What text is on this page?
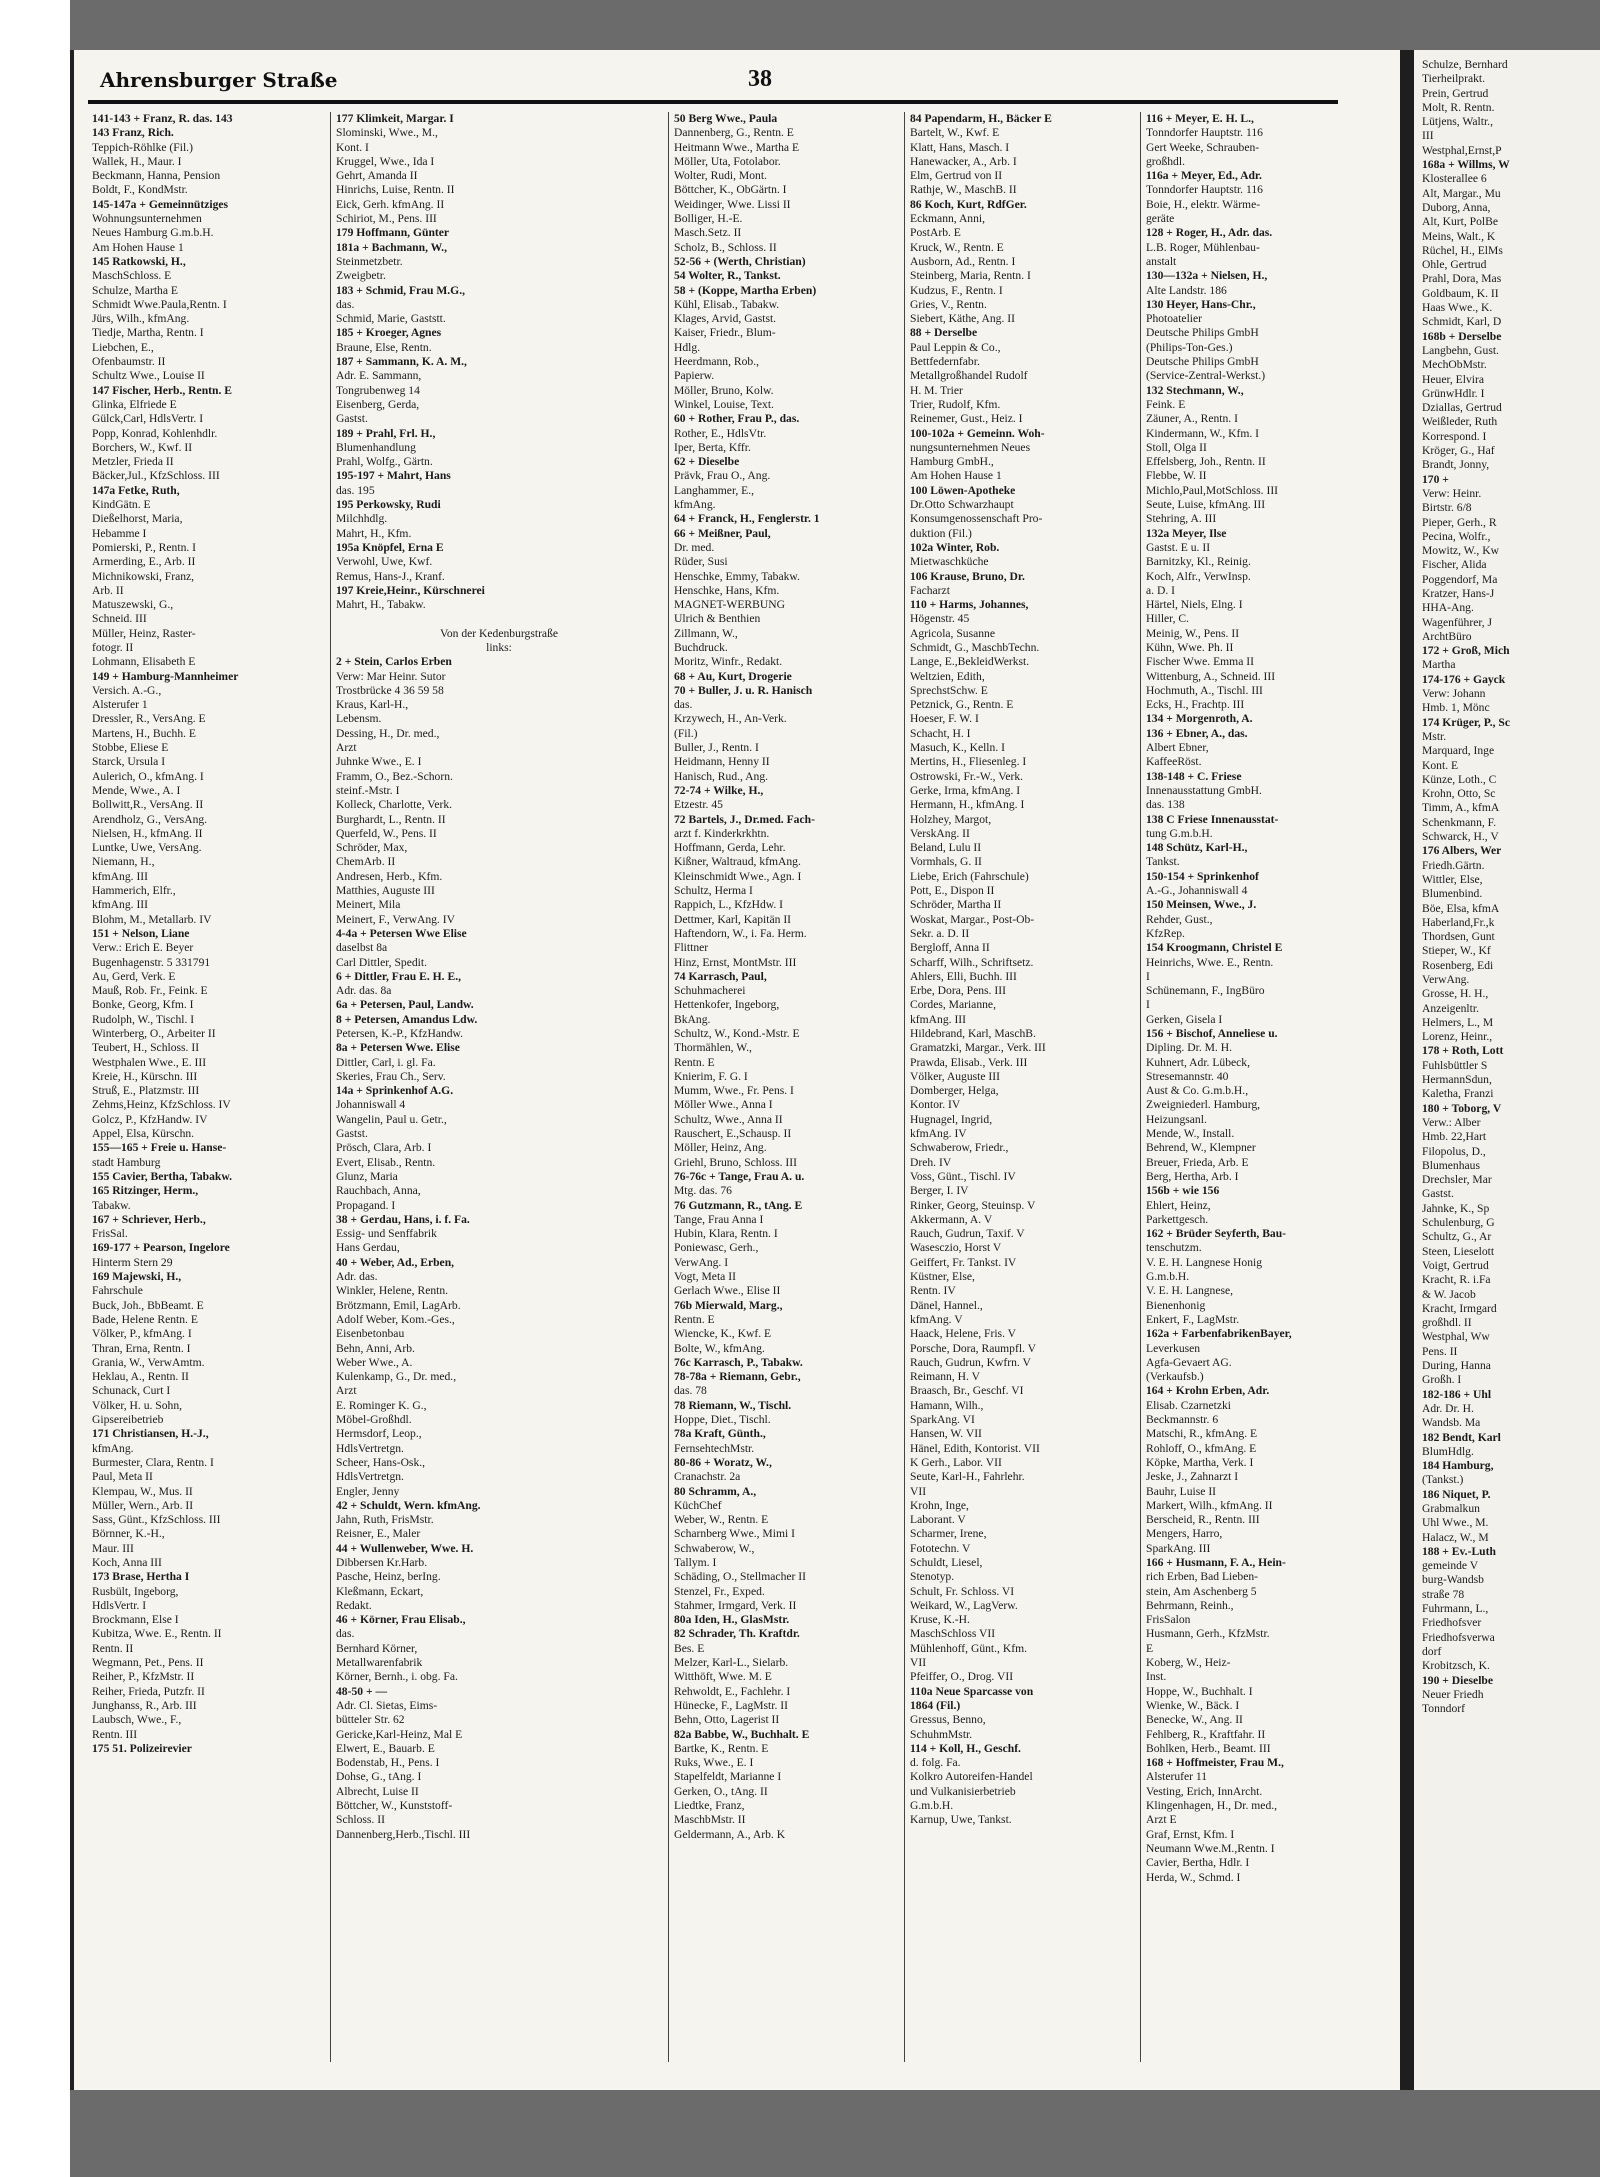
Schulze, Bernhard
Tierheilprakt.
Prein, Gertrud
Molt, R. Rentn.
Lütjens, Waltr.,
III
Westphal,Ernst,P
168a + Willms, W
Klosterallee 6
Alt, Margar., Mu
Duborg, Anna,
Alt, Kurt, PolBe
Meins, Walt., K
Rüchel, H., ElMs
Ohle, Gertrud
Prahl, Dora, Mas
Goldbaum, K. II
Haas Wwe., K.
Schmidt, Karl, D
168b + Derselbe
Langbehn, Gust.
MechObMstr.
Heuer, Elvira
GrünwHdlr. I
Dziallas, Gertrud
Weißleder, Ruth
Korrespond. I
Kröger, G., Haf
Brandt, Jonny,
170 +
Verw: Heinr.
Birtstr. 6/8
Pieper, Gerh., R
Pecina, Wolfr.,
Mowitz, W., Kw
Fischer, Alida
Poggendorf, Ma
Kratzer, Hans-J
HHA-Ang.
Wagenführer, J
ArchtBüro
172 + Groß, Mich
Martha
174-176 + Gayck
Verw: Johann
Hmb. 1, Mönc
174 Krüger, P., Sc
Mstr.
Marquard, Inge
Kont. E
Künze, Loth., C
Krohn, Otto, Sc
Timm, A., kfmA
Schenkmann, F.
Schwarck, H., V
176 Albers, Wer
Friedh.Gärtn.
Wittler, Else,
Blumenbind.
Böe, Elsa, kfmA
Haberland,Fr.,k
Thordsen, Gunt
Stieper, W., Kf
Rosenberg, Edi
VerwAng.
Grosse, H. H.,
Anzeigenltr.
Helmers, L., M
Lorenz, Heinr.,
178 + Roth, Lott
Fuhlsbüttler S
HermannSdun,
Kaletha, Franzi
180 + Toborg, V
Verw.: Alber
Hmb. 22,Hart
Filopolus, D.,
Blumenhaus
Drechsler, Mar
Gastst.
Jahnke, K., Sp
Schulenburg, G
Schultz, G., Ar
Steen, Lieselott
Voigt, Gertrud
Kracht, R. i.Fa
& W. Jacob
Kracht, Irmgard
großhdl. II
Westphal, Ww
Pens. II
During, Hanna
Großh. I
182-186 + Uhl
Adr. Dr. H.
Wandsb. Ma
182 Bendt, Karl
BlumHdlg.
184 Hamburg,
(Tankst.)
186 Niquet, P.
Grabmalkun
Uhl Wwe., M.
Halacz, W., M
188 + Ev.-Luth
gemeinde V
burg-Wandsb
straße 78
Fuhrmann, L.,
Friedhofsver
Friedhofsverwa
dorf
Krobitzsch, K.
190 + Dieselbe
Neuer Friedh
Tonndorf
Ahrensburger Straße	38
141-143 + Franz, R. das. 143
143 Franz, Rich.
Teppich-Röhlke (Fil.)
Wallek, H., Maur. I
Beckmann, Hanna, Pension
Boldt, F., KondMstr.
145-147a + Gemeinnütziges
Wohnungsunternehmen
Neues Hamburg G.m.b.H.
Am Hohen Hause 1
145 Ratkowski, H.,
MaschSchloss. E
Schulze, Martha E
Schmidt Wwe.Paula,Rentn. I
Jürs, Wilh., kfmAng.
Tiedje, Martha, Rentn. I
Liebchen, E.,
Ofenbaumstr. II
Schultz Wwe., Louise II
147 Fischer, Herb., Rentn. E
Glinka, Elfriede E
Gülck,Carl, HdlsVertr. I
Popp, Konrad, Kohlenhdlr.
Borchers, W., Kwf. II
Metzler, Frieda II
Bäcker,Jul., KfzSchloss. III
147a Fetke, Ruth,
KindGätn. E
Dießelhorst, Maria,
Hebamme I
Pomierski, P., Rentn. I
Armerding, E., Arb. II
Michnikowski, Franz,
Arb. II
Matuszewski, G.,
Schneid. III
Müller, Heinz, Raster-
fotogr. II
Lohmann, Elisabeth E
149 + Hamburg-Mannheimer
Versich. A.-G.,
Alsterufer 1
Dressler, R., VersAng. E
Martens, H., Buchh. E
Stobbe, Eliese E
Starck, Ursula I
Aulerich, O., kfmAng. I
Mende, Wwe., A. I
Bollwitt,R., VersAng. II
Arendholz, G., VersAng.
Nielsen, H., kfmAng. II
Luntke, Uwe, VersAng.
Niemann, H.,
kfmAng. III
Hammerich, Elfr.,
kfmAng. III
Blohm, M., Metallarb. IV
151 + Nelson, Liane
Verw.: Erich E. Beyer
Bugenhagenstr. 5 331791
Au, Gerd, Verk. E
Mauß, Rob. Fr., Feink. E
Bonke, Georg, Kfm. I
Rudolph, W., Tischl. I
Winterberg, O., Arbeiter II
Teubert, H., Schloss. II
Westphalen Wwe., E. III
Kreie, H., Kürschn. III
Struß, E., Platzmstr. III
Zehms,Heinz, KfzSchloss. IV
Golcz, P., KfzHandw. IV
Appel, Elsa, Kürschn.
155—165 + Freie u. Hanse-
stadt Hamburg
155 Cavier, Bertha, Tabakw.
165 Ritzinger, Herm.,
Tabakw.
167 + Schriever, Herb.,
FrisSal.
169-177 + Pearson, Ingelore
Hinterm Stern 29
169 Majewski, H.,
Fahrschule
Buck, Joh., BbBeamt. E
Bade, Helene Rentn. E
Völker, P., kfmAng. I
Thran, Erna, Rentn. I
Grania, W., VerwAmtm.
Heklau, A., Rentn. II
Schunack, Curt I
Völker, H. u. Sohn,
Gipsereibetrieb
171 Christiansen, H.-J.,
kfmAng.
Burmester, Clara, Rentn. I
Paul, Meta II
Klempau, W., Mus. II
Müller, Wern., Arb. II
Sass, Günt., KfzSchloss. III
Börnner, K.-H.,
Maur. III
Koch, Anna III
173 Brase, Hertha I
Rusbült, Ingeborg,
HdlsVertr. I
Brockmann, Else I
Kubitza, Wwe. E., Rentn. II
Rentn. II
Wegmann, Pet., Pens. II
Reiher, P., KfzMstr. II
Reiher, Frieda, Putzfr. II
Junghanss, R., Arb. III
Laubsch, Wwe., F.,
Rentn. III
175 51. Polizeirevier
177 Klimkeit, Margar. I
Slominski, Wwe., M.,
Kont. I
Kruggel, Wwe., Ida I
Gehrt, Amanda II
Hinrichs, Luise, Rentn. II
Eick, Gerh. kfmAng. II
Schiriot, M., Pens. III
179 Hoffmann, Günter
181a + Bachmann, W.,
Steinmetzbetr.
Zweigbetr.
183 + Schmid, Frau M.G.,
das.
Schmid, Marie, Gaststt.
185 + Kroeger, Agnes
Braune, Else, Rentn.
187 + Sammann, K. A. M.,
Adr. E. Sammann,
Tongrubenweg 14
Eisenberg, Gerda,
Gastst.
189 + Prahl, Frl. H.,
Blumenhandlung
Prahl, Wolfg., Gärtn.
195-197 + Mahrt, Hans
das. 195
195 Perkowsky, Rudi
Milchhdlg.
Mahrt, H., Kfm.
195a Knöpfel, Erna E
Verwohl, Uwe, Kwf.
Remus, Hans-J., Kranf.
197 Kreie,Heinr., Kürschnerei
Mahrt, H., Tabakw.

Von der Kedenburgstraße
links:
2 + Stein, Carlos Erben
Verw: Mar Heinr. Sutor
Trostbrücke 4 36 59 58
Kraus, Karl-H.,
Lebensm.
Dessing, H., Dr. med.,
Arzt
Juhnke Wwe., E. I
Framm, O., Bez.-Schorn.
steinf.-Mstr. I
Kolleck, Charlotte, Verk.
Burghardt, L., Rentn. II
Querfeld, W., Pens. II
Schröder, Max,
ChemArb. II
Andresen, Herb., Kfm.
Matthies, Auguste III
Meinert, Mila
Meinert, F., VerwAng. IV
4-4a + Petersen Wwe Elise
daselbst 8a
Carl Dittler, Spedit.
6 + Dittler, Frau E. H. E.,
Adr. das. 8a
6a + Petersen, Paul, Landw.
8 + Petersen, Amandus Ldw.
Petersen, K.-P., KfzHandw.
8a + Petersen Wwe. Elise
Dittler, Carl, i. gl. Fa.
Skeries, Frau Ch., Serv.
14a + Sprinkenhof A.G.
Johanniswall 4
Wangelin, Paul u. Getr.,
Gastst.
Prösch, Clara, Arb. I
Evert, Elisab., Rentn.
Glunz, Maria
Rauchbach, Anna,
Propagand. I
38 + Gerdau, Hans, i. f. Fa.
Essig- und Senffabrik
Hans Gerdau,
40 + Weber, Ad., Erben,
Adr. das.
Winkler, Helene, Rentn.
Brötzmann, Emil, LagArb.
Adolf Weber, Kom.-Ges.,
Eisenbetonbau
Behn, Anni, Arb.
Weber Wwe., A.
Kulenkamp, G., Dr. med.,
Arzt
E. Rominger K. G.,
Möbel-Großhdl.
Hermsdorf, Leop.,
HdlsVertretgn.
Scheer, Hans-Osk.,
HdlsVertretgn.
Engler, Jenny
42 + Schuldt, Wern. kfmAng.
Jahn, Ruth, FrisMstr.
Reisner, E., Maler
44 + Wullenweber, Wwe. H.
Dibbersen Kr.Harb.
Pasche, Heinz, berIng.
Kleßmann, Eckart,
Redakt.
46 + Körner, Frau Elisab.,
das.
Bernhard Körner,
Metallwarenfabrik
Körner, Bernh., i. obg. Fa.
48-50 + —
Adr. Cl. Sietas, Eims-
bütteler Str. 62
Gericke,Karl-Heinz, Mal E
Elwert, E., Bauarb. E
Bodenstab, H., Pens. I
Dohse, G., tAng. I
Albrecht, Luise II
Böttcher, W., Kunststoff-
Schloss. II
Dannenberg,Herb.,Tischl. III
50 Berg Wwe., Paula
Dannenberg, G., Rentn. E
Heitmann Wwe., Martha E
Möller, Uta, Fotolabor.
Wolter, Rudi, Mont.
Böttcher, K., ObGärtn. I
Weidinger, Wwe. Lissi II
Bolliger, H.-E.
Masch.Setz. II
Scholz, B., Schloss. II
52-56 + (Werth, Christian)
54 Wolter, R., Tankst.
58 + (Koppe, Martha Erben)
Kühl, Elisab., Tabakw.
Klages, Arvid, Gastst.
Kaiser, Friedr., Blum-
Hdlg.
Heerdmann, Rob.,
Papierw.
Möller, Bruno, Kolw.
Winkel, Louise, Text.
60 + Rother, Frau P., das.
Rother, E., HdlsVtr.
Iper, Berta, Kffr.
62 + Dieselbe
Prävk, Frau O., Ang.
Langhammer, E.,
kfmAng.
64 + Franck, H., Fenglerstr. 1
66 + Meißner, Paul,
Dr. med.
Rüder, Susi
Henschke, Emmy, Tabakw.
Henschke, Hans, Kfm.
MAGNET-WERBUNG
Ulrich & Benthien
Zillmann, W.,
Buchdruck.
Moritz, Winfr., Redakt.
68 + Au, Kurt, Drogerie
70 + Buller, J. u. R. Hanisch
das.
Krzywech, H., An-Verk.
(Fil.)
Buller, J., Rentn. I
Heidmann, Henny II
Hanisch, Rud., Ang.
72-74 + Wilke, H.,
Etzestr. 45
72 Bartels, J., Dr.med. Fach-
arzt f. Kinderkrkhtn.
Hoffmann, Gerda, Lehr.
Kißner, Waltraud, kfmAng.
Kleinschmidt Wwe., Agn. I
Schultz, Herma I
Rappich, L., KfzHdw. I
Dettmer, Karl, Kapitän II
Haftendorn, W., i. Fa. Herm.
Flittner
Hinz, Ernst, MontMstr. III
74 Karrasch, Paul,
Schuhmacherei
Hettenkofer, Ingeborg,
BkAng.
Schultz, W., Kond.-Mstr. E
Thormählen, W.,
Rentn. E
Knierim, F. G. I
Mumm, Wwe., Fr. Pens. I
Möller Wwe., Anna I
Schultz, Wwe., Anna II
Rauschert, E.,Schausp. II
Möller, Heinz, Ang.
Griehl, Bruno, Schloss. III
76-76c + Tange, Frau A. u.
Mtg. das. 76
76 Gutzmann, R., tAng. E
Tange, Frau Anna I
Hubin, Klara, Rentn. I
Poniewasc, Gerh.,
VerwAng. I
Vogt, Meta II
Gerlach Wwe., Elise II
76b Mierwald, Marg.,
Rentn. E
Wiencke, K., Kwf. E
Bolte, W., kfmAng.
76c Karrasch, P., Tabakw.
78-78a + Riemann, Gebr.,
das. 78
78 Riemann, W., Tischl.
Hoppe, Diet., Tischl.
78a Kraft, Günth.,
FernsehtechMstr.
80-86 + Woratz, W.,
Cranachstr. 2a
80 Schramm, A.,
KüchChef
Weber, W., Rentn. E
Scharnberg Wwe., Mimi I
Schwaberow, W.,
Tallym. I
Schäding, O., Stellmacher II
Stenzel, Fr., Exped.
Stahmer, Irmgard, Verk. II
80a Iden, H., GlasMstr.
82 Schrader, Th. Kraftdr.
Bes. E
Melzer, Karl-L., Sielarb.
Witthöft, Wwe. M. E
Rehwoldt, E., Fachlehr. I
Hünecke, F., LagMstr. II
Behn, Otto, Lagerist II
82a Babbe, W., Buchhalt. E
Bartke, K., Rentn. E
Ruks, Wwe., E. I
Stapelfeldt, Marianne I
Gerken, O., tAng. II
Liedtke, Franz,
MaschbMstr. II
Geldermann, A., Arb. K
84 Papendarm, H., Bäcker E
Bartelt, W., Kwf. E
Klatt, Hans, Masch. I
Hanewacker, A., Arb. I
Elm, Gertrud von II
Rathje, W., MaschB. II
86 Koch, Kurt, RdfGer.
Eckmann, Anni,
PostArb. E
Kruck, W., Rentn. E
Ausborn, Ad., Rentn. I
Steinberg, Maria, Rentn. I
Kudzus, F., Rentn. I
Gries, V., Rentn.
Siebert, Käthe, Ang. II
88 + Derselbe
Paul Leppin & Co.,
Bettfedernfabr.
Metallgroßhandel Rudolf
H. M. Trier
Trier, Rudolf, Kfm.
Reinemer, Gust., Heiz. I
100-102a + Gemeinn. Woh-
nungsunternehmen Neues
Hamburg GmbH.,
Am Hohen Hause 1
100 Löwen-Apotheke
Dr.Otto Schwarzhaupt
Konsumgenossenschaft Pro-
duktion (Fil.)
102a Winter, Rob.
Mietwaschküche
106 Krause, Bruno, Dr.
Facharzt
110 + Harms, Johannes,
Högenstr. 45
Agricola, Susanne
Schmidt, G., MaschbTechn.
Lange, E.,BekleidWerkst.
Weltzien, Edith,
SprechstSchw. E
Petznick, G., Rentn. E
Hoeser, F. W. I
Schacht, H. I
Masuch, K., Kelln. I
Mertins, H., Fliesenleg. I
Ostrowski, Fr.-W., Verk.
Gerke, Irma, kfmAng. I
Hermann, H., kfmAng. I
Holzhey, Margot,
VerskAng. II
Beland, Lulu II
Vormhals, G. II
Liebe, Erich (Fahrschule)
Pott, E., Dispon II
Schröder, Martha II
Woskat, Margar., Post-Ob-
Sekr. a. D. II
Bergloff, Anna II
Scharff, Wilh., Schriftsetz.
Ahlers, Elli, Buchh. III
Erbe, Dora, Pens. III
Cordes, Marianne,
kfmAng. III
Hildebrand, Karl, MaschB.
Gramatzki, Margar., Verk. III
Prawda, Elisab., Verk. III
Völker, Auguste III
Domberger, Helga,
Kontor. IV
Hugnagel, Ingrid,
kfmAng. IV
Schwaberow, Friedr.,
Dreh. IV
Voss, Günt., Tischl. IV
Berger, I. IV
Rinker, Georg, Steuinsp. V
Akkermann, A. V
Rauch, Gudrun, Taxif. V
Wasesczio, Horst V
Geiffert, Fr. Tankst. IV
Küstner, Else,
Rentn. IV
Dänel, Hannel.,
kfmAng. V
Haack, Helene, Fris. V
Porsche, Dora, Raumpfl. V
Rauch, Gudrun, Kwfrn. V
Reimann, H. V
Braasch, Br., Geschf. VI
Hamann, Wilh.,
SparkAng. VI
Hansen, W. VII
Hänel, Edith, Kontorist. VII
K Gerh., Labor. VII
Seute, Karl-H., Fahrlehr.
VII
Krohn, Inge,
Laborant. V
Scharmer, Irene,
Fototechn. V
Schuldt, Liesel,
Stenotyp.
Schult, Fr. Schloss. VI
Weikard, W., LagVerw.
Kruse, K.-H.
MaschSchloss VII
Mühlenhoff, Günt., Kfm.
VII
Pfeiffer, O., Drog. VII
110a Neue Sparcasse von
1864 (Fil.)
Gressus, Benno,
SchuhmMstr.
114 + Koll, H., Geschf.
d. folg. Fa.
Kolkro Autoreifen-Handel
und Vulkanisierbetrieb
G.m.b.H.
Karnup, Uwe, Tankst.
116 + Meyer, E. H. L.,
Tonndorfer Hauptstr. 116
Gert Weeke, Schrauben-
großhdl.
116a + Meyer, Ed., Adr.
Tonndorfer Hauptstr. 116
Boie, H., elektr. Wärme-
geräte
128 + Roger, H., Adr. das.
L.B. Roger, Mühlenbau-
anstalt
130—132a + Nielsen, H.,
Alte Landstr. 186
130 Heyer, Hans-Chr.,
Photoatelier
Deutsche Philips GmbH
(Philips-Ton-Ges.)
Deutsche Philips GmbH
(Service-Zentral-Werkst.)
132 Stechmann, W.,
Feink. E
Zäuner, A., Rentn. I
Kindermann, W., Kfm. I
Stoll, Olga II
Effelsberg, Joh., Rentn. II
Flebbe, W. II
Michlo,Paul,MotSchloss. III
Seute, Luise, kfmAng. III
Stehring, A. III
132a Meyer, Ilse
Gastst. E u. II
Barnitzky, Kl., Reinig.
Koch, Alfr., VerwInsp.
a. D. I
Härtel, Niels, Elng. I
Hiller, C.
Meinig, W., Pens. II
Kühn, Wwe. Ph. II
Fischer Wwe. Emma II
Wittenburg, A., Schneid. III
Hochmuth, A., Tischl. III
Ecks, H., Frachtp. III
134 + Morgenroth, A.
136 + Ebner, A., das.
Albert Ebner,
KaffeeRöst.
138-148 + C. Friese
Innenausstattung GmbH.
das. 138
138 C Friese Innenausstat-
tung G.m.b.H.
148 Schütz, Karl-H.,
Tankst.
150-154 + Sprinkenhof
A.-G., Johanniswall 4
150 Meinsen, Wwe., J.
Rehder, Gust.,
KfzRep.
154 Kroogmann, Christel E
Heinrichs, Wwe. E., Rentn.
I
Schünemann, F., IngBüro
I
Gerken, Gisela I
156 + Bischof, Anneliese u.
Dipling. Dr. M. H.
Kuhnert, Adr. Lübeck,
Stresemannstr. 40
Aust & Co. G.m.b.H.,
Zweigniederl. Hamburg,
Heizungsanl.
Mende, W., Install.
Behrend, W., Klempner
Breuer, Frieda, Arb. E
Berg, Hertha, Arb. I
156b + wie 156
Ehlert, Heinz,
Parkettgesch.
162 + Brüder Seyferth, Bau-
tenschutzm.
V. E. H. Langnese Honig
G.m.b.H.
V. E. H. Langnese,
Bienenhonig
Enkert, F., LagMstr.
162a + FarbenfabrikenBayer,
Leverkusen
Agfa-Gevaert AG.
(Verkaufsb.)
164 + Krohn Erben, Adr.
Elisab. Czarnetzki
Beckmannstr. 6
Matschi, R., kfmAng. E
Rohloff, O., kfmAng. E
Köpke, Martha, Verk. I
Jeske, J., Zahnarzt I
Bauhr, Luise II
Markert, Wilh., kfmAng. II
Berscheid, R., Rentn. III
Mengers, Harro,
SparkAng. III
166 + Husmann, F. A., Hein-
rich Erben, Bad Lieben-
stein, Am Aschenberg 5
Behrmann, Reinh.,
FrisSalon
Husmann, Gerh., KfzMstr.
E
Koberg, W., Heiz-
Inst.
Hoppe, W., Buchhalt. I
Wienke, W., Bäck. I
Benecke, W., Ang. II
Fehlberg, R., Kraftfahr. II
Bohlken, Herb., Beamt. III
168 + Hoffmeister, Frau M.,
Alsterufer 11
Vesting, Erich, InnArcht.
Klingenhagen, H., Dr. med.,
Arzt E
Graf, Ernst, Kfm. I
Neumann Wwe.M.,Rentn. I
Cavier, Bertha, Hdlr. I
Herda, W., Schmd. I
